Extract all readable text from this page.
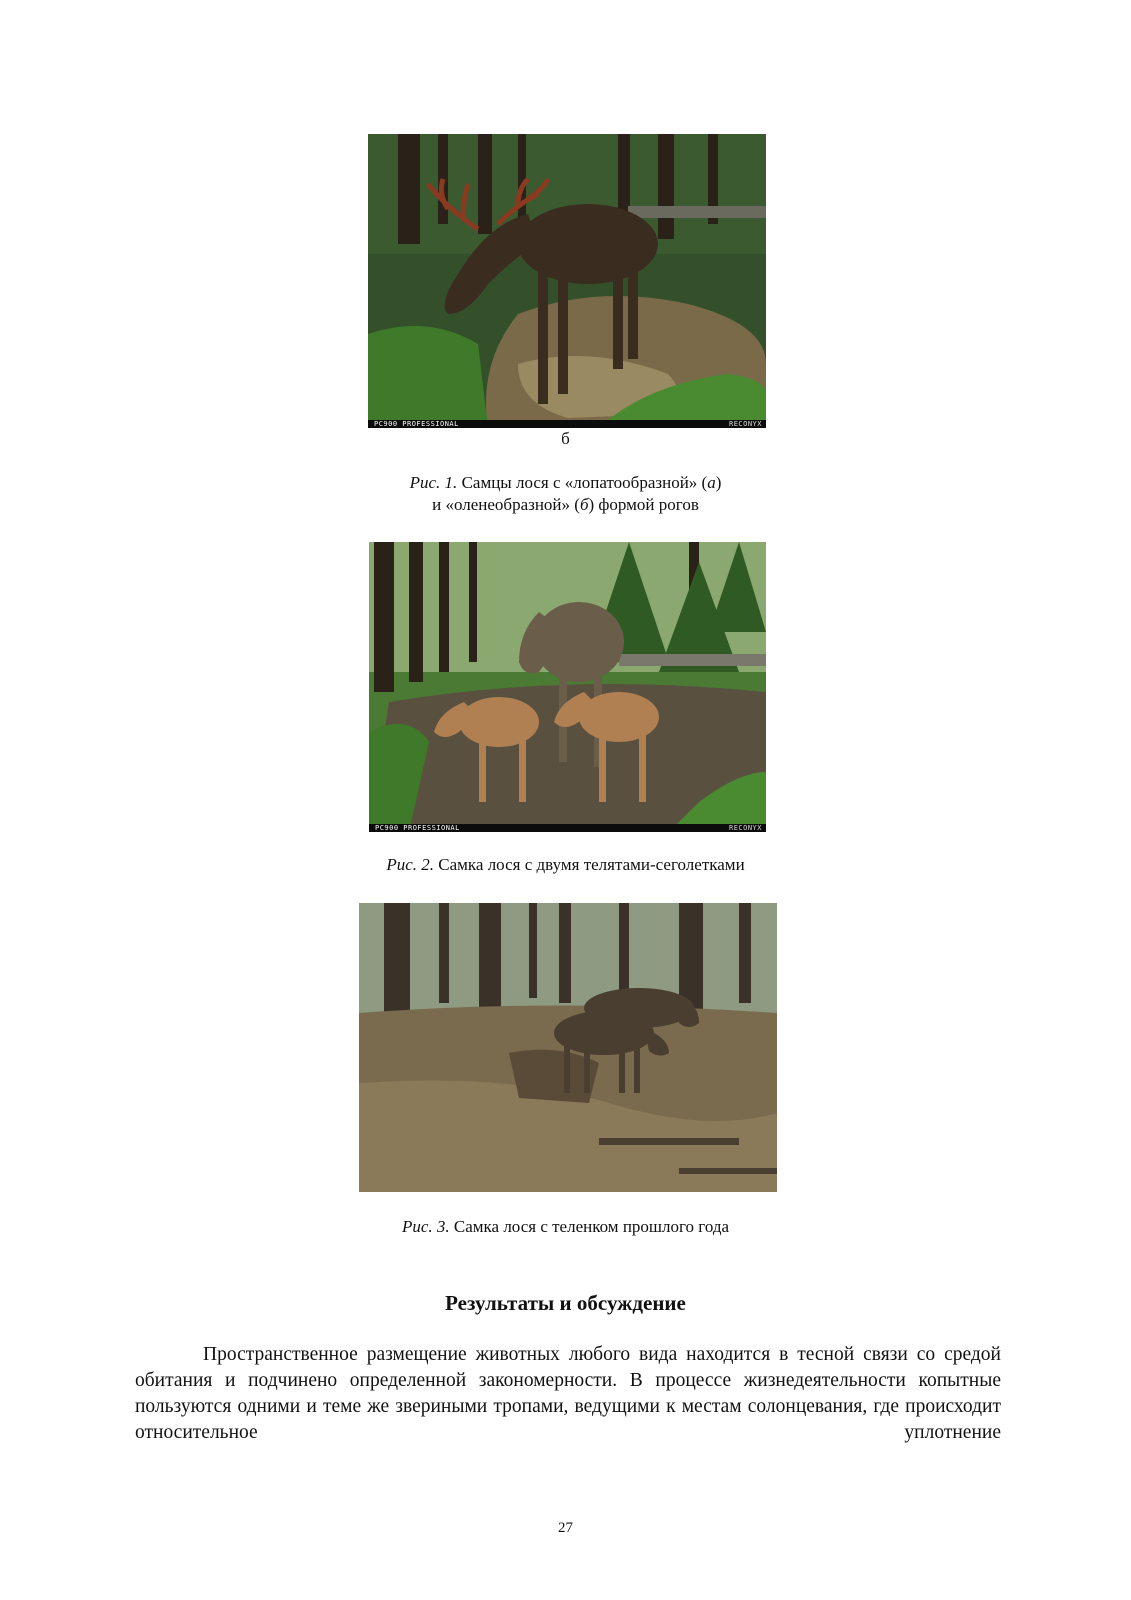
PC900 PROFESSIONAL	RECONYX
б
Рис. 1. Самцы лося с «лопатообразной» (а)
и «оленеобразной» (б) формой рогов
PC900 PROFESSIONAL	RECONYX
Рис. 2. Самка лося с двумя телятами-сеголетками
Рис. 3. Самка лося с теленком прошлого года
Результаты и обсуждение

Пространственное размещение животных любого вида находится в тесной связи со средой обитания и подчинено определенной закономерности. В процессе жизнедеятельности копытные пользуются одними и теме же звериными тропами, ведущими к местам солонцевания, где происходит относительное уплотнение

27
